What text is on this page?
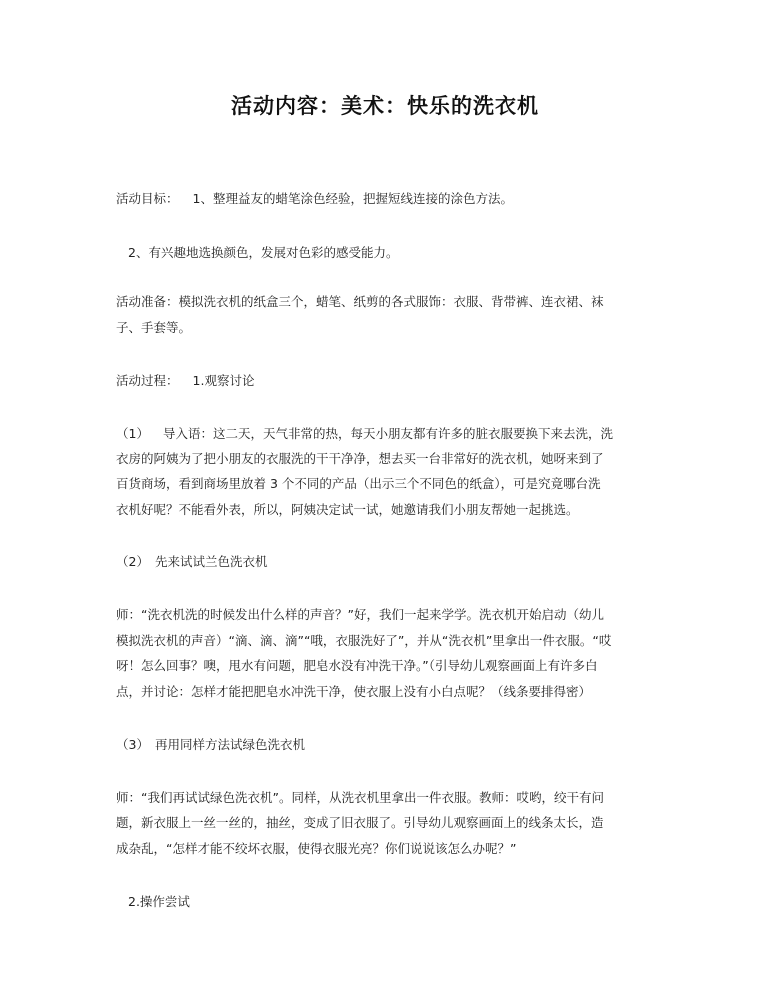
活动内容：美术：快乐的洗衣机
活动目标： 1、整理益友的蜡笔涂色经验，把握短线连接的涂色方法。
2、有兴趣地选换颜色，发展对色彩的感受能力。
活动准备：模拟洗衣机的纸盒三个，蜡笔、纸剪的各式服饰：衣服、背带裤、连衣裙、袜
子、手套等。
活动过程： 1.观察讨论
（1） 导入语：这二天，天气非常的热，每天小朋友都有许多的脏衣服要换下来去洗，洗
衣房的阿姨为了把小朋友的衣服洗的干干净净，想去买一台非常好的洗衣机，她呀来到了
百货商场，看到商场里放着 3 个不同的产品（出示三个不同色的纸盒），可是究竟哪台洗
衣机好呢？不能看外表，所以，阿姨决定试一试，她邀请我们小朋友帮她一起挑选。
（2） 先来试试兰色洗衣机
师：“洗衣机洗的时候发出什么样的声音？”好，我们一起来学学。洗衣机开始启动（幼儿
模拟洗衣机的声音）“滴、滴、滴”“哦，衣服洗好了”，并从“洗衣机”里拿出一件衣服。“哎
呀！怎么回事？噢，甩水有问题，肥皂水没有冲洗干净。”（引导幼儿观察画面上有许多白
点，并讨论：怎样才能把肥皂水冲洗干净，使衣服上没有小白点呢？（线条要排得密）
（3） 再用同样方法试绿色洗衣机
师：“我们再试试绿色洗衣机”。同样，从洗衣机里拿出一件衣服。教师：哎哟，绞干有问
题，新衣服上一丝一丝的，抽丝，变成了旧衣服了。引导幼儿观察画面上的线条太长，造
成杂乱，“怎样才能不绞坏衣服，使得衣服光亮？你们说说该怎么办呢？”
2.操作尝试
